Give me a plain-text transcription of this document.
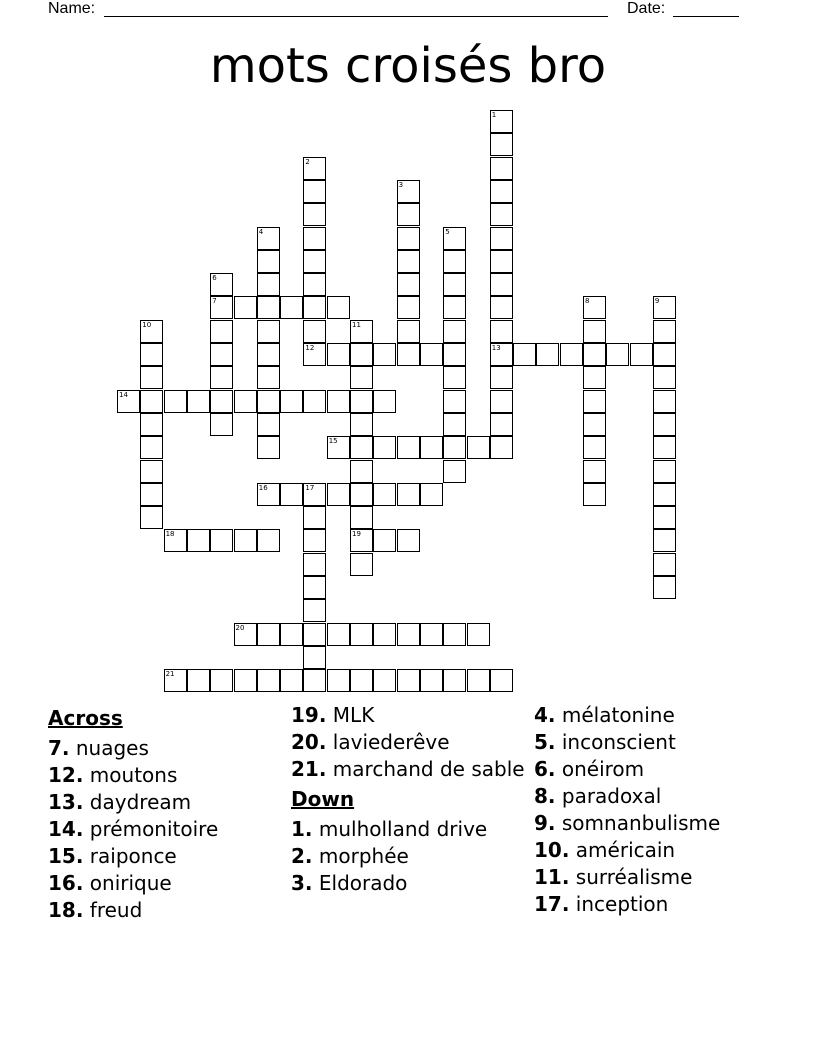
Name:	Date:
mots croisés bro
1
2
3
4	5
6
7	8	9
10	11
12	13
14
15
16	17
18	19
20
21
Across
7. nuages
12. moutons
13. daydream
14. prémonitoire
15. raiponce
16. onirique
18. freud
19. MLK
20. laviederêve
21. marchand de sable
Down
1. mulholland drive
2. morphée
3. Eldorado
4. mélatonine
5. inconscient
6. onéirom
8. paradoxal
9. somnanbulisme
10. américain
11. surréalisme
17. inception
